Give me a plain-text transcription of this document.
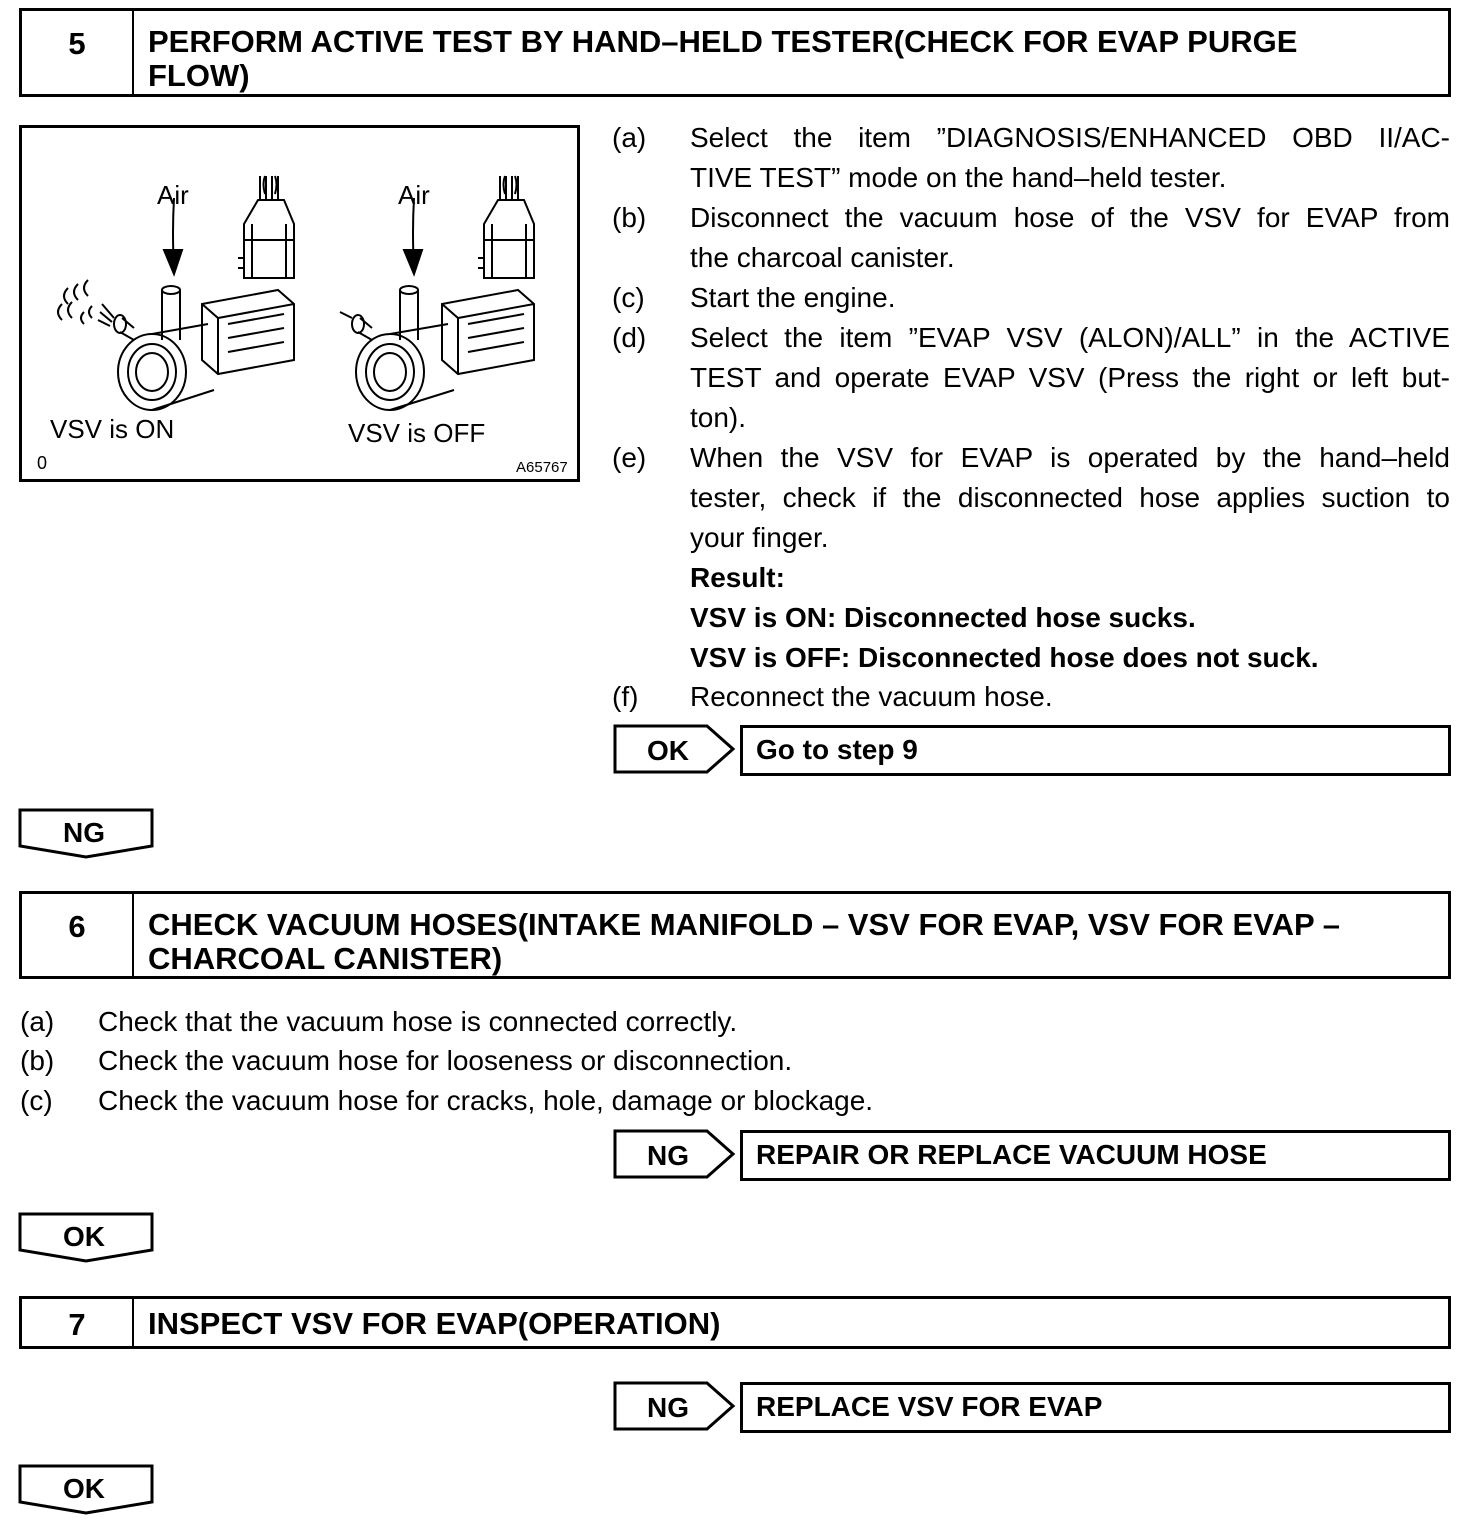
5	PERFORM ACTIVE TEST BY HAND–HELD TESTER(CHECK FOR EVAP PURGE
FLOW)
Air	Air
VSV is ON	VSV is OFF
0	A65767
(a) Select the item ”DIAGNOSIS/ENHANCED OBD II/AC-
TIVE TEST” mode on the hand–held tester.
(b) Disconnect the vacuum hose of the VSV for EVAP from
the charcoal canister.
(c) Start the engine.
(d) Select the item ”EVAP VSV (ALON)/ALL” in the ACTIVE
TEST and operate EVAP VSV (Press the right or left but-
ton).
(e) When the VSV for EVAP is operated by the hand–held
tester, check if the disconnected hose applies suction to
your finger.
Result:
VSV is ON: Disconnected hose sucks.
VSV is OFF: Disconnected hose does not suck.
(f) Reconnect the vacuum hose.
OK	Go to step 9
NG
6	CHECK VACUUM HOSES(INTAKE MANIFOLD – VSV FOR EVAP, VSV FOR EVAP –
CHARCOAL CANISTER)
(a) Check that the vacuum hose is connected correctly.
(b) Check the vacuum hose for looseness or disconnection.
(c) Check the vacuum hose for cracks, hole, damage or blockage.
NG	REPAIR OR REPLACE VACUUM HOSE
OK
7	INSPECT VSV FOR EVAP(OPERATION)
NG	REPLACE VSV FOR EVAP
OK
